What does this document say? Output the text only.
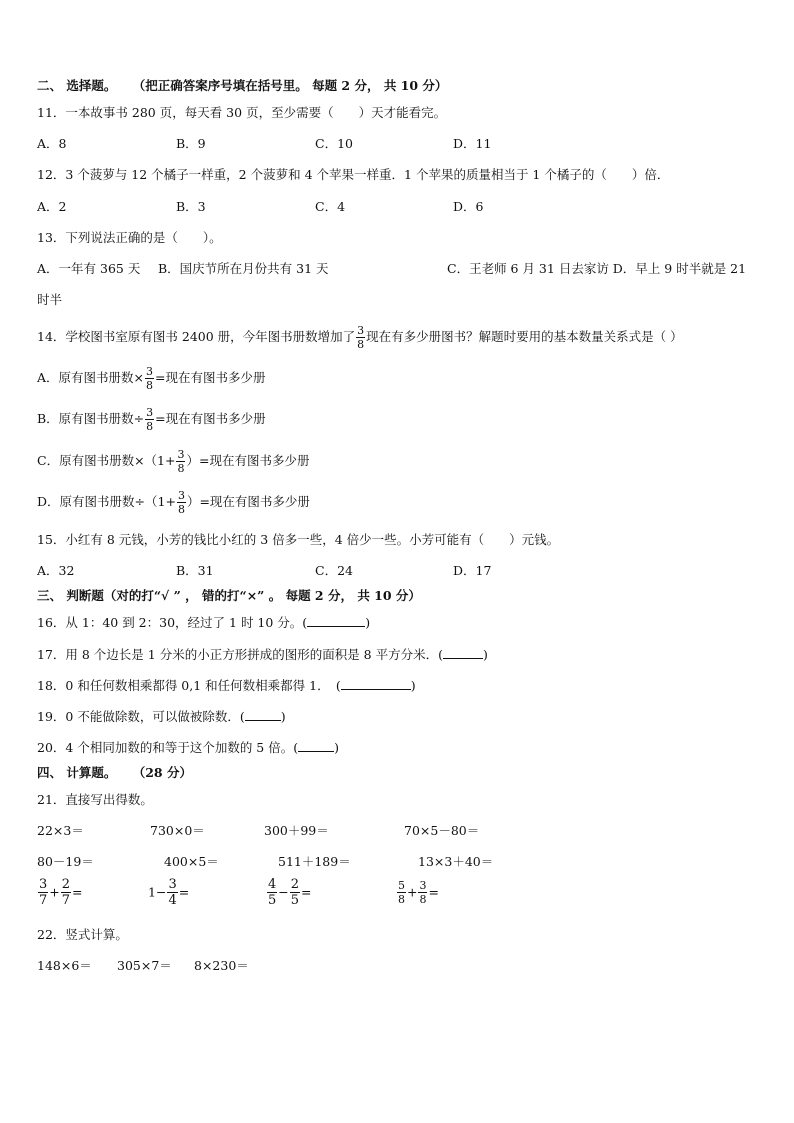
二、 选择题。 （把正确答案序号填在括号里。 每题 2 分， 共 10 分）
11．一本故事书 280 页，每天看 30 页，至少需要（　　）天才能看完。
A．8	B．9	C．10	D．11
12．3 个菠萝与 12 个橘子一样重，2 个菠萝和 4 个苹果一样重．1 个苹果的质量相当于 1 个橘子的（　　）倍．
A．2	B．3	C．4	D．6
13．下列说法正确的是（　　）。
A．一年有 365 天 B．国庆节所在月份共有 31 天	C．王老师 6 月 31 日去家访 D．早上 9 时半就是 21
时半
14．学校图书室原有图书 2400 册，今年图书册数增加了 $\frac{3}{8}$ 现在有多少册图书？解题时要用的基本数量关系式是（ ）
A．原有图书册数× $\frac{3}{8}$ =现在有图书多少册
B．原有图书册数÷ $\frac{3}{8}$ =现在有图书多少册
C．原有图书册数$\times(1+ \frac{3}{8}$ ）=现在有图书多少册
D．原有图书册数$\div(1+ \frac{3}{8}$ ）=现在有图书多少册
15．小红有 8 元钱，小芳的钱比小红的 3 倍多一些，4 倍少一些。小芳可能有（　　）元钱。
A．32	B．31	C．24	D．17
三、 判断题（对的打“√ ” ， 错的打“×” 。 每题 2 分， 共 10 分）
16．从 1：40 到 2：30，经过了 1 时 10 分。(	)
17．用 8 个边长是 1 分米的小正方形拼成的图形的面积是 8 平方分米．(	)
18．0 和任何数相乘都得 0,1 和任何数相乘都得 1．　(	)
19．0 不能做除数，可以做被除数．(	)
20．4 个相同加数的和等于这个加数的 5 倍。(	)
四、 计算题。 （28 分）
21．直接写出得数。
22×3＝	730×0＝	300＋99＝	70×5－80＝
80－19＝	400×5＝	511＋189＝	13×3＋40＝
$\frac{3}{7} + \frac{2}{7}$ =	$1- \frac{3}{4}$ =	$\frac{4}{5} - \frac{2}{5}$ =	$\frac{5}{8} + \frac{3}{8}$ =
22．竖式计算。
148×6＝ 305×7＝ 8×230＝
